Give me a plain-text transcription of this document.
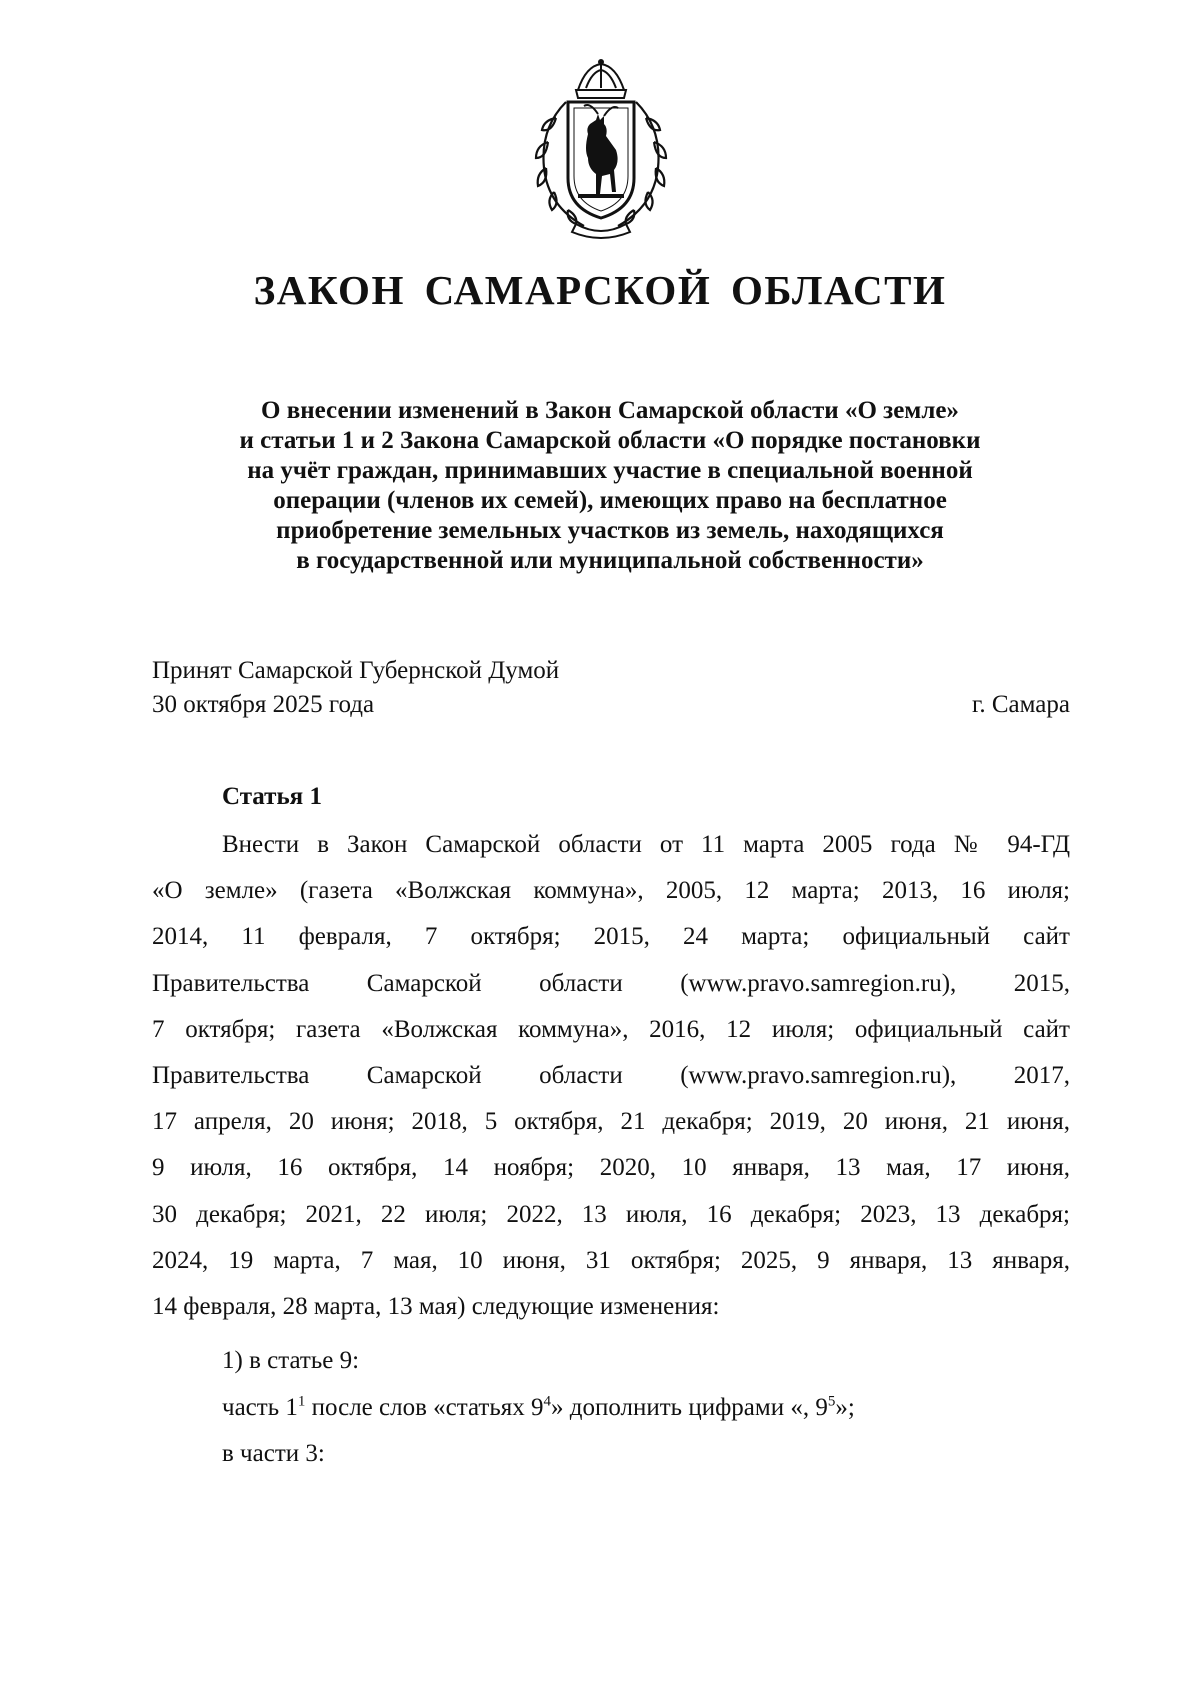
ЗАКОН САМАРСКОЙ ОБЛАСТИ
О внесении изменений в Закон Самарской области «О земле»
и статьи 1 и 2 Закона Самарской области «О порядке постановки
на учёт граждан, принимавших участие в специальной военной
операции (членов их семей), имеющих право на бесплатное
приобретение земельных участков из земель, находящихся
в государственной или муниципальной собственности»
Принят Самарской Губернской Думой
30 октября 2025 года	г. Самара
Статья 1
Внести в Закон Самарской области от 11 марта 2005 года № 94-ГД
«О земле» (газета «Волжская коммуна», 2005, 12 марта; 2013, 16 июля;
2014, 11 февраля, 7 октября; 2015, 24 марта; официальный сайт
Правительства Самарской области (www.pravo.samregion.ru), 2015,
7 октября; газета «Волжская коммуна», 2016, 12 июля; официальный сайт
Правительства Самарской области (www.pravo.samregion.ru), 2017,
17 апреля, 20 июня; 2018, 5 октября, 21 декабря; 2019, 20 июня, 21 июня,
9 июля, 16 октября, 14 ноября; 2020, 10 января, 13 мая, 17 июня,
30 декабря; 2021, 22 июля; 2022, 13 июля, 16 декабря; 2023, 13 декабря;
2024, 19 марта, 7 мая, 10 июня, 31 октября; 2025, 9 января, 13 января,
14 февраля, 28 марта, 13 мая) следующие изменения:
1) в статье 9:
часть $1^1$ после слов «статьях $9^4$» дополнить цифрами «, $9^5$»;
в части 3:
